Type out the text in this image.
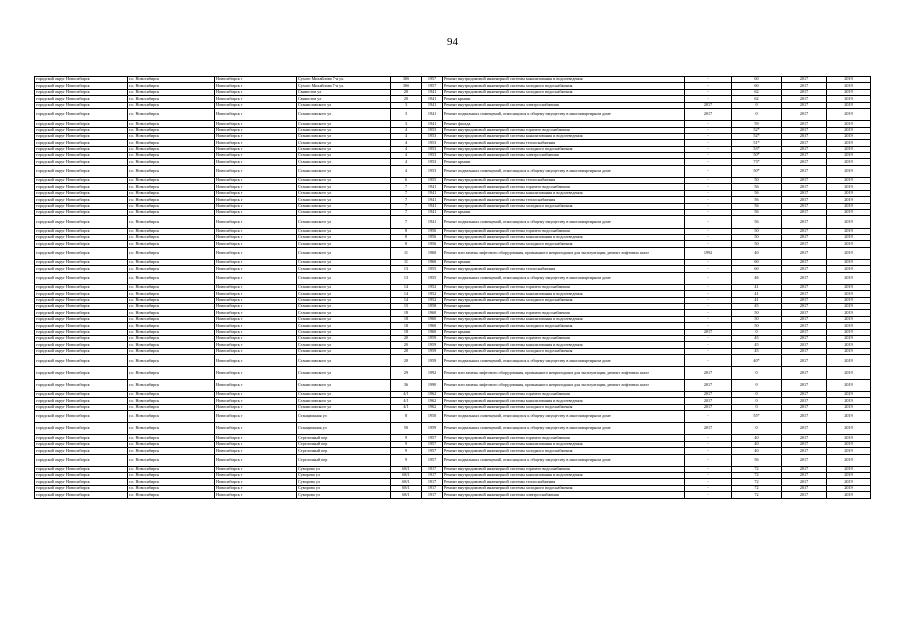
94
городской округ Новосибирск	г.о. Новосибирск	Новосибирск г	Сухого Михайлова 7-я ул.	30б	1957	Ремонт внутридомовой инженерной системы канализования и водоотведения	-	60	2017	2019
городской округ Новосибирск	г.о. Новосибирск	Новосибирск г	Сухого Михайлова 7-я ул.	30б	1957	Ремонт внутридомовой инженерной системы холодного водоснабжения	-	60	2017	2019
городской округ Новосибирск	г.о. Новосибирск	Новосибирск г	Связистов ул	20	1941	Ремонт внутридомовой инженерной системы холодного водоснабжения	-	62	2017	2019
городской округ Новосибирск	г.о. Новосибирск	Новосибирск г	Связистов ул	20	1941	Ремонт крыши	-	62	2017	2019
городской округ Новосибирск	г.о. Новосибирск	Новосибирск г	Станиславского ул	3	1941	Ремонт внутридомовой инженерной системы электроснабжения	2017	0	2017	2019
городской округ Новосибирск	г.о. Новосибирск	Новосибирск г	Станиславского ул	3	1941	Ремонт подвальных помещений, относящихся к общему имуществу в многоквартирном доме	2017	0	2017	2019
городской округ Новосибирск	г.о. Новосибирск	Новосибирск г	Станиславского ул	3	1941	Ремонт фасада	-	59	2017	2019
городской округ Новосибирск	г.о. Новосибирск	Новосибирск г	Станиславского ул	4	1953	Ремонт внутридомовой инженерной системы горячего водоснабжения	-	52*	2017	2019
городской округ Новосибирск	г.о. Новосибирск	Новосибирск г	Станиславского ул	4	1953	Ремонт внутридомовой инженерной системы канализования и водоотведения	-	52*	2017	2019
городской округ Новосибирск	г.о. Новосибирск	Новосибирск г	Станиславского ул	4	1953	Ремонт внутридомовой инженерной системы теплоснабжения	-	51*	2017	2019
городской округ Новосибирск	г.о. Новосибирск	Новосибирск г	Станиславского ул	4	1953	Ремонт внутридомовой инженерной системы холодного водоснабжения	-	53*	2017	2019
городской округ Новосибирск	г.о. Новосибирск	Новосибирск г	Станиславского ул	4	1953	Ремонт внутридомовой инженерной системы электроснабжения	-	50*	2017	2019
городской округ Новосибирск	г.о. Новосибирск	Новосибирск г	Станиславского ул	4	1953	Ремонт крыши	-	73*	2017	2019
городской округ Новосибирск	г.о. Новосибирск	Новосибирск г	Станиславского ул	4	1953	Ремонт подвальных помещений, относящихся к общему имуществу в многоквартирном доме	-	50*	2017	2019
городской округ Новосибирск	г.о. Новосибирск	Новосибирск г	Станиславского ул	6	1955	Ремонт внутридомовой инженерной системы теплоснабжения	-	50	2017	2019
городской округ Новосибирск	г.о. Новосибирск	Новосибирск г	Станиславского ул	7	1941	Ремонт внутридомовой инженерной системы горячего водоснабжения	-	56	2017	2019
городской округ Новосибирск	г.о. Новосибирск	Новосибирск г	Станиславского ул	7	1941	Ремонт внутридомовой инженерной системы канализования и водоотведения	-	56	2017	2019
городской округ Новосибирск	г.о. Новосибирск	Новосибирск г	Станиславского ул	7	1941	Ремонт внутридомовой инженерной системы теплоснабжения	-	56	2017	2019
городской округ Новосибирск	г.о. Новосибирск	Новосибирск г	Станиславского ул	7	1941	Ремонт внутридомовой инженерной системы холодного водоснабжения	-	56	2017	2019
городской округ Новосибирск	г.о. Новосибирск	Новосибирск г	Станиславского ул	7	1941	Ремонт крыши	-	56	2017	2019
городской округ Новосибирск	г.о. Новосибирск	Новосибирск г	Станиславского ул	7	1941	Ремонт подвальных помещений, относящихся к общему имуществу в многоквартирном доме	-	56	2017	2019
городской округ Новосибирск	г.о. Новосибирск	Новосибирск г	Станиславского ул	8	1956	Ремонт внутридомовой инженерной системы горячего водоснабжения	-	50	2017	2019
городской округ Новосибирск	г.о. Новосибирск	Новосибирск г	Станиславского ул	8	1956	Ремонт внутридомовой инженерной системы канализования и водоотведения	-	50	2017	2019
городской округ Новосибирск	г.о. Новосибирск	Новосибирск г	Станиславского ул	8	1956	Ремонт внутридомовой инженерной системы холодного водоснабжения	-	50	2017	2019
городской округ Новосибирск	г.о. Новосибирск	Новосибирск г	Станиславского ул	11	1960	Ремонт или замена лифтового оборудования, признанного непригодным для эксплуатации, ремонт лифтовых шахт	1992	40	2017	2019
городской округ Новосибирск	г.о. Новосибирск	Новосибирск г	Станиславского ул	11	1960	Ремонт крыши	-	60	2017	2019
городской округ Новосибирск	г.о. Новосибирск	Новосибирск г	Станиславского ул	13	1955	Ремонт внутридомовой инженерной системы теплоснабжения	-	60	2017	2019
городской округ Новосибирск	г.о. Новосибирск	Новосибирск г	Станиславского ул	13	1955	Ремонт подвальных помещений, относящихся к общему имуществу в многоквартирном доме	-	46	2017	2019
городской округ Новосибирск	г.о. Новосибирск	Новосибирск г	Станиславского ул	14	1952	Ремонт внутридомовой инженерной системы горячего водоснабжения	-	41	2017	2019
городской округ Новосибирск	г.о. Новосибирск	Новосибирск г	Станиславского ул	14	1952	Ремонт внутридомовой инженерной системы канализования и водоотведения	-	41	2017	2019
городской округ Новосибирск	г.о. Новосибирск	Новосибирск г	Станиславского ул	14	1952	Ремонт внутридомовой инженерной системы холодного водоснабжения	-	41	2017	2019
городской округ Новосибирск	г.о. Новосибирск	Новосибирск г	Станиславского ул	15	1958	Ремонт крыши	-	45	2017	2019
городской округ Новосибирск	г.о. Новосибирск	Новосибирск г	Станиславского ул	18	1960	Ремонт внутридомовой инженерной системы горячего водоснабжения	-	50	2017	2019
городской округ Новосибирск	г.о. Новосибирск	Новосибирск г	Станиславского ул	18	1960	Ремонт внутридомовой инженерной системы канализования и водоотведения	-	50	2017	2019
городской округ Новосибирск	г.о. Новосибирск	Новосибирск г	Станиславского ул	18	1960	Ремонт внутридомовой инженерной системы холодного водоснабжения	-	50	2017	2019
городской округ Новосибирск	г.о. Новосибирск	Новосибирск г	Станиславского ул	18	1960	Ремонт крыши	2017	0	2017	2019
городской округ Новосибирск	г.о. Новосибирск	Новосибирск г	Станиславского ул	20	1959	Ремонт внутридомовой инженерной системы горячего водоснабжения	-	45	2017	2019
городской округ Новосибирск	г.о. Новосибирск	Новосибирск г	Станиславского ул	20	1959	Ремонт внутридомовой инженерной системы канализования и водоотведения	-	45	2017	2019
городской округ Новосибирск	г.о. Новосибирск	Новосибирск г	Станиславского ул	20	1959	Ремонт внутридомовой инженерной системы холодного водоснабжения	-	45	2017	2019
городской округ Новосибирск	г.о. Новосибирск	Новосибирск г	Станиславского ул	20	1959	Ремонт подвальных помещений, относящихся к общему имуществу в многоквартирном доме	-	40*	2017	2019
городской округ Новосибирск	г.о. Новосибирск	Новосибирск г	Станиславского ул	29	1992	Ремонт или замена лифтового оборудования, признанного непригодным для эксплуатации, ремонт лифтовых шахт	2017	0	2017	2019
городской округ Новосибирск	г.о. Новосибирск	Новосибирск г	Станиславского ул	36	1990	Ремонт или замена лифтового оборудования, признанного непригодным для эксплуатации, ремонт лифтовых шахт	2017	0	2017	2019
городской округ Новосибирск	г.о. Новосибирск	Новосибирск г	Станиславского ул	4/1	1962	Ремонт внутридомовой инженерной системы горячего водоснабжения	2017	0	2017	2019
городской округ Новосибирск	г.о. Новосибирск	Новосибирск г	Станиславского ул	4/1	1962	Ремонт внутридомовой инженерной системы канализования и водоотведения	2017	0	2017	2019
городской округ Новосибирск	г.о. Новосибирск	Новосибирск г	Станиславского ул	4/1	1962	Ремонт внутридомовой инженерной системы холодного водоснабжения	2017	0	2017	2019
городской округ Новосибирск	г.о. Новосибирск	Новосибирск г	Станционная ул	8	1950	Ремонт подвальных помещений, относящихся к общему имуществу в многоквартирном доме	-	55*	2017	2019
городской округ Новосибирск	г.о. Новосибирск	Новосибирск г	Станционная ул	50	1959	Ремонт подвальных помещений, относящихся к общему имуществу в многоквартирном доме	2017	0	2017	2019
городской округ Новосибирск	г.о. Новосибирск	Новосибирск г	Стрелочный пер	9	1957	Ремонт внутридомовой инженерной системы горячего водоснабжения	-	40	2017	2019
городской округ Новосибирск	г.о. Новосибирск	Новосибирск г	Стрелочный пер	9	1957	Ремонт внутридомовой инженерной системы канализования и водоотведения	-	40	2017	2019
городской округ Новосибирск	г.о. Новосибирск	Новосибирск г	Стрелочный пер	9	1957	Ремонт внутридомовой инженерной системы холодного водоснабжения	-	40	2017	2019
городской округ Новосибирск	г.о. Новосибирск	Новосибирск г	Стрелочный пер	9	1957	Ремонт подвальных помещений, относящихся к общему имуществу в многоквартирном доме	-	56	2017	2019
городской округ Новосибирск	г.о. Новосибирск	Новосибирск г	Суворова ул	68/1	1917	Ремонт внутридомовой инженерной системы горячего водоснабжения	-	72	2017	2019
городской округ Новосибирск	г.о. Новосибирск	Новосибирск г	Суворова ул	68/1	1917	Ремонт внутридомовой инженерной системы канализования и водоотведения	-	72	2017	2019
городской округ Новосибирск	г.о. Новосибирск	Новосибирск г	Суворова ул	68/1	1917	Ремонт внутридомовой инженерной системы теплоснабжения	-	72	2017	2019
городской округ Новосибирск	г.о. Новосибирск	Новосибирск г	Суворова ул	68/1	1917	Ремонт внутридомовой инженерной системы холодного водоснабжения	-	72	2017	2019
городской округ Новосибирск	г.о. Новосибирск	Новосибирск г	Суворова ул	68/1	1917	Ремонт внутридомовой инженерной системы электроснабжения	-	72	2017	2019
